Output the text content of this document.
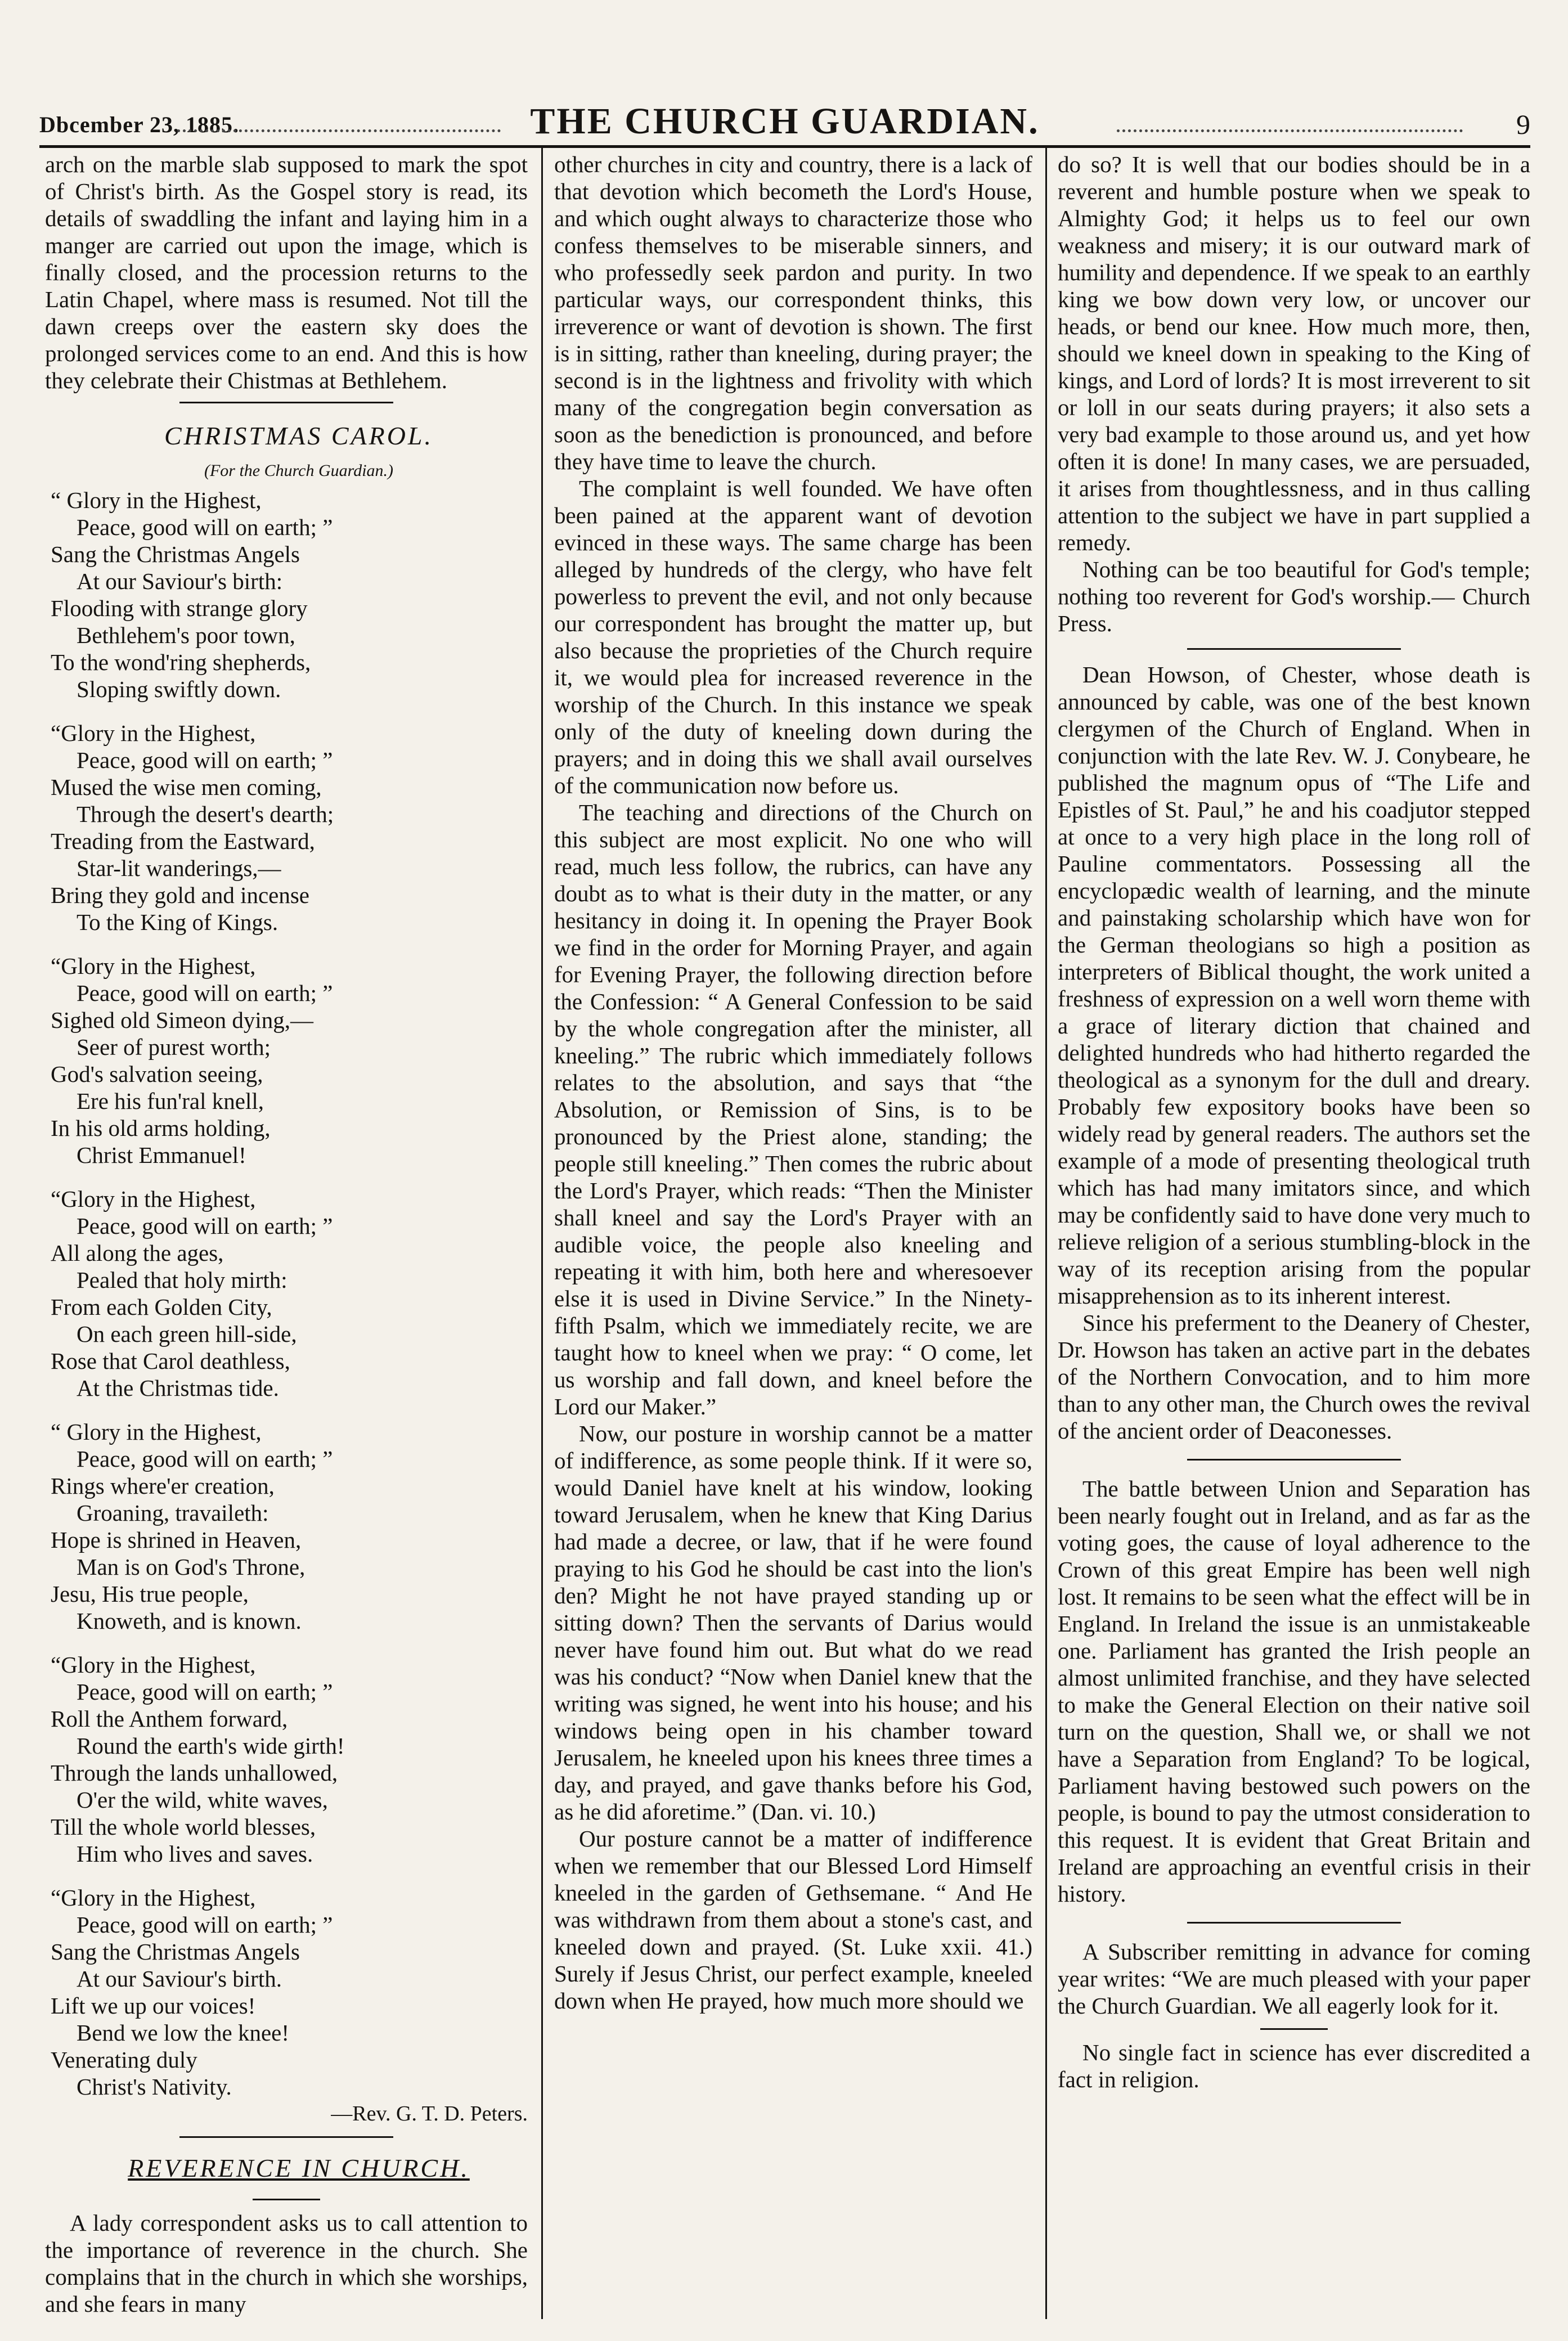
Dbcember 23, 1885.	THE CHURCH GUARDIAN.	9

arch on the marble slab supposed to mark the spot of Christ's birth. As the Gospel story is read, its details of swaddling the infant and laying him in a manger are carried out upon the image, which is finally closed, and the procession returns to the Latin Chapel, where mass is resumed. Not till the dawn creeps over the eastern sky does the prolonged services come to an end. And this is how they celebrate their Chistmas at Bethlehem.

CHRISTMAS CAROL.

(For the Church Guardian.)

“ Glory in the Highest,
Peace, good will on earth; ”
Sang the Christmas Angels
At our Saviour's birth:
Flooding with strange glory
Bethlehem's poor town,
To the wond'ring shepherds,
Sloping swiftly down.
“Glory in the Highest,
Peace, good will on earth; ”
Mused the wise men coming,
Through the desert's dearth;
Treading from the Eastward,
Star-lit wanderings,—
Bring they gold and incense
To the King of Kings.
“Glory in the Highest,
Peace, good will on earth; ”
Sighed old Simeon dying,—
Seer of purest worth;
God's salvation seeing,
Ere his fun'ral knell,
In his old arms holding,
Christ Emmanuel!
“Glory in the Highest,
Peace, good will on earth; ”
All along the ages,
Pealed that holy mirth:
From each Golden City,
On each green hill-side,
Rose that Carol deathless,
At the Christmas tide.
“ Glory in the Highest,
Peace, good will on earth; ”
Rings where'er creation,
Groaning, travaileth:
Hope is shrined in Heaven,
Man is on God's Throne,
Jesu, His true people,
Knoweth, and is known.
“Glory in the Highest,
Peace, good will on earth; ”
Roll the Anthem forward,
Round the earth's wide girth!
Through the lands unhallowed,
O'er the wild, white waves,
Till the whole world blesses,
Him who lives and saves.
“Glory in the Highest,
Peace, good will on earth; ”
Sang the Christmas Angels
At our Saviour's birth.
Lift we up our voices!
Bend we low the knee!
Venerating duly
Christ's Nativity.

—Rev. G. T. D. Peters.

REVERENCE IN CHURCH.

A lady correspondent asks us to call attention to the importance of reverence in the church. She complains that in the church in which she worships, and she fears in many

other churches in city and country, there is a lack of that devotion which becometh the Lord's House, and which ought always to characterize those who confess themselves to be miserable sinners, and who professedly seek pardon and purity. In two particular ways, our correspondent thinks, this irreverence or want of devotion is shown. The first is in sitting, rather than kneeling, during prayer; the second is in the lightness and frivolity with which many of the congregation begin conversation as soon as the benediction is pronounced, and before they have time to leave the church.

The complaint is well founded. We have often been pained at the apparent want of devotion evinced in these ways. The same charge has been alleged by hundreds of the clergy, who have felt powerless to prevent the evil, and not only because our correspondent has brought the matter up, but also because the proprieties of the Church require it, we would plea for increased reverence in the worship of the Church. In this instance we speak only of the duty of kneeling down during the prayers; and in doing this we shall avail ourselves of the communication now before us.

The teaching and directions of the Church on this subject are most explicit. No one who will read, much less follow, the rubrics, can have any doubt as to what is their duty in the matter, or any hesitancy in doing it. In opening the Prayer Book we find in the order for Morning Prayer, and again for Evening Prayer, the following direction before the Confession: “ A General Confession to be said by the whole congregation after the minister, all kneeling.” The rubric which immediately follows relates to the absolution, and says that “the Absolution, or Remission of Sins, is to be pronounced by the Priest alone, standing; the people still kneeling.” Then comes the rubric about the Lord's Prayer, which reads: “Then the Minister shall kneel and say the Lord's Prayer with an audible voice, the people also kneeling and repeating it with him, both here and wheresoever else it is used in Divine Service.” In the Ninety-fifth Psalm, which we immediately recite, we are taught how to kneel when we pray: “ O come, let us worship and fall down, and kneel before the Lord our Maker.”

Now, our posture in worship cannot be a matter of indifference, as some people think. If it were so, would Daniel have knelt at his window, looking toward Jerusalem, when he knew that King Darius had made a decree, or law, that if he were found praying to his God he should be cast into the lion's den? Might he not have prayed standing up or sitting down? Then the servants of Darius would never have found him out. But what do we read was his conduct? “Now when Daniel knew that the writing was signed, he went into his house; and his windows being open in his chamber toward Jerusalem, he kneeled upon his knees three times a day, and prayed, and gave thanks before his God, as he did aforetime.” (Dan. vi. 10.)

Our posture cannot be a matter of indifference when we remember that our Blessed Lord Himself kneeled in the garden of Gethsemane. “ And He was withdrawn from them about a stone's cast, and kneeled down and prayed. (St. Luke xxii. 41.) Surely if Jesus Christ, our perfect example, kneeled down when He prayed, how much more should we

do so? It is well that our bodies should be in a reverent and humble posture when we speak to Almighty God; it helps us to feel our own weakness and misery; it is our outward mark of humility and dependence. If we speak to an earthly king we bow down very low, or uncover our heads, or bend our knee. How much more, then, should we kneel down in speaking to the King of kings, and Lord of lords? It is most irreverent to sit or loll in our seats during prayers; it also sets a very bad example to those around us, and yet how often it is done! In many cases, we are persuaded, it arises from thoughtlessness, and in thus calling attention to the subject we have in part supplied a remedy.

Nothing can be too beautiful for God's temple; nothing too reverent for God's worship.— Church Press.

Dean Howson, of Chester, whose death is announced by cable, was one of the best known clergymen of the Church of England. When in conjunction with the late Rev. W. J. Conybeare, he published the magnum opus of “The Life and Epistles of St. Paul,” he and his coadjutor stepped at once to a very high place in the long roll of Pauline commentators. Possessing all the encyclopædic wealth of learning, and the minute and painstaking scholarship which have won for the German theologians so high a position as interpreters of Biblical thought, the work united a freshness of expression on a well worn theme with a grace of literary diction that chained and delighted hundreds who had hitherto regarded the theological as a synonym for the dull and dreary. Probably few expository books have been so widely read by general readers. The authors set the example of a mode of presenting theological truth which has had many imitators since, and which may be confidently said to have done very much to relieve religion of a serious stumbling-block in the way of its reception arising from the popular misapprehension as to its inherent interest.

Since his preferment to the Deanery of Chester, Dr. Howson has taken an active part in the debates of the Northern Convocation, and to him more than to any other man, the Church owes the revival of the ancient order of Deaconesses.

The battle between Union and Separation has been nearly fought out in Ireland, and as far as the voting goes, the cause of loyal adherence to the Crown of this great Empire has been well nigh lost. It remains to be seen what the effect will be in England. In Ireland the issue is an unmistakeable one. Parliament has granted the Irish people an almost unlimited franchise, and they have selected to make the General Election on their native soil turn on the question, Shall we, or shall we not have a Separation from England? To be logical, Parliament having bestowed such powers on the people, is bound to pay the utmost consideration to this request. It is evident that Great Britain and Ireland are approaching an eventful crisis in their history.

A Subscriber remitting in advance for coming year writes: “We are much pleased with your paper the Church Guardian. We all eagerly look for it.

No single fact in science has ever discredited a fact in religion.
